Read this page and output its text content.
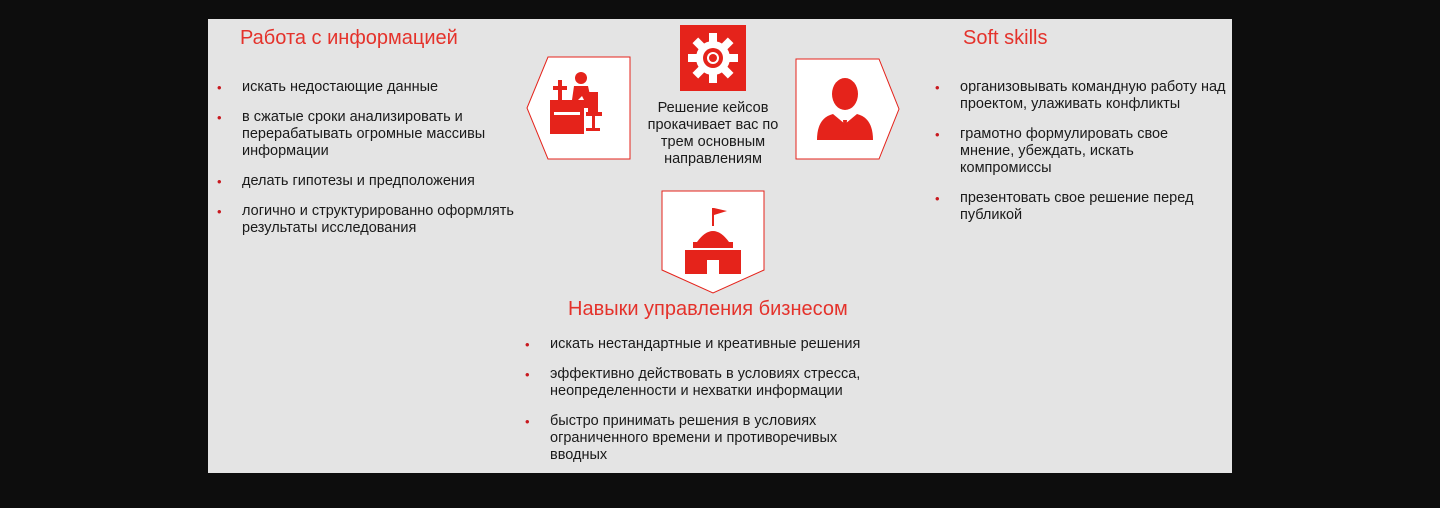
Работа с информацией
• искать недостающие данные
• в сжатые сроки анализировать и перерабатывать огромные массивы информации
• делать гипотезы и предположения
• логично и структурированно оформлять результаты исследования
Soft skills
• организовывать командную работу над проектом, улаживать конфликты
• грамотно формулировать свое мнение, убеждать, искать компромиссы
• презентовать свое решение перед публикой
Решение кейсов прокачивает вас по трем основным направлениям
Навыки управления бизнесом
• искать нестандартные и креативные решения
• эффективно действовать в условиях стресса, неопределенности и нехватки информации
• быстро принимать решения в условиях ограниченного времени и противоречивых вводных
